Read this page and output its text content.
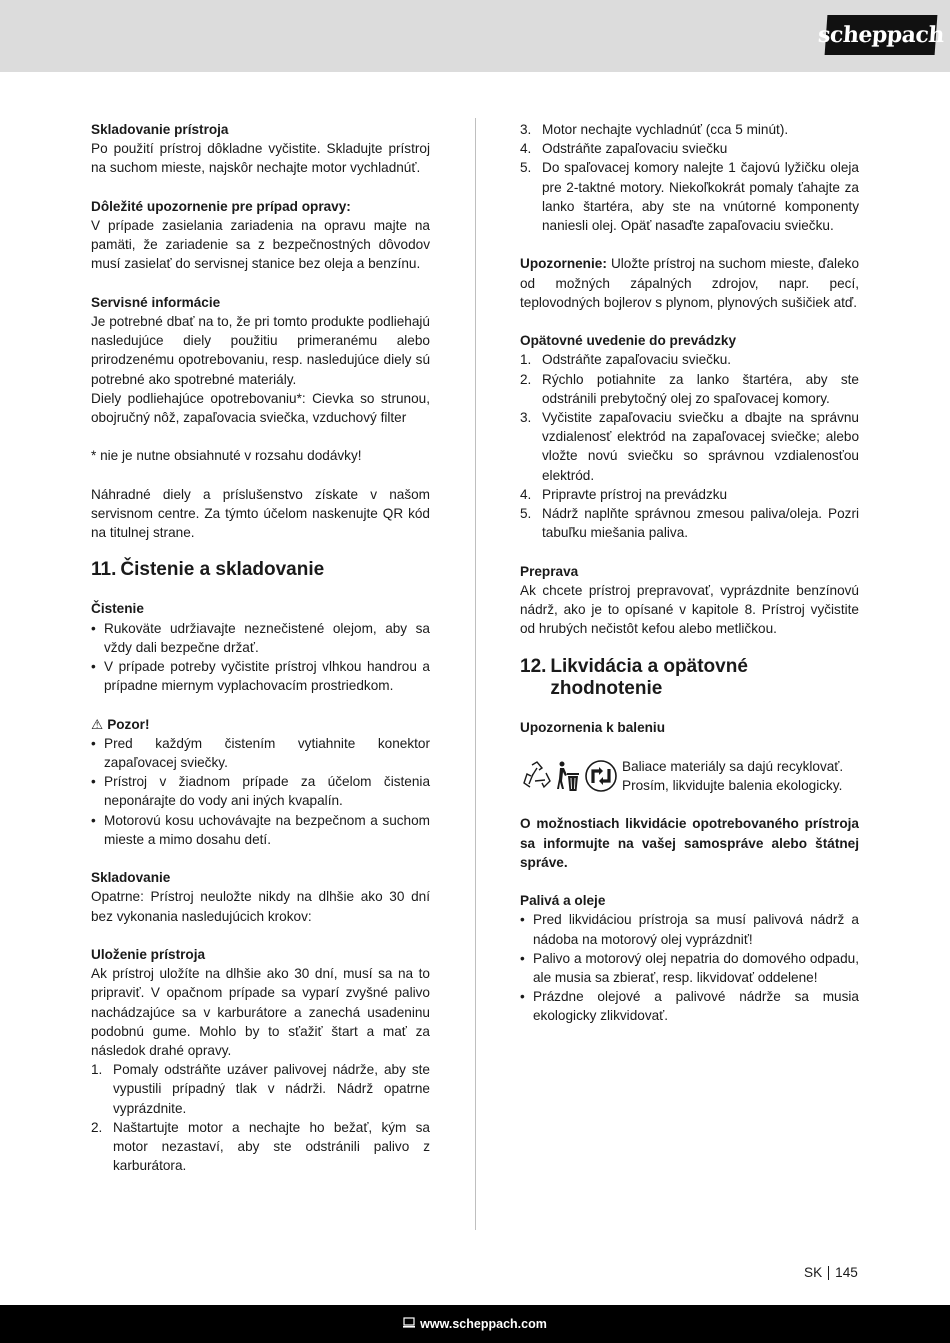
scheppach

Skladovanie prístroja

Po použití prístroj dôkladne vyčistite. Skladujte prístroj na suchom mieste, najskôr nechajte motor vychladnúť.

Dôležité upozornenie pre prípad opravy:

V prípade zasielania zariadenia na opravu majte na pamäti, že zariadenie sa z bezpečnostných dôvodov musí zasielať do servisnej stanice bez oleja a benzínu.

Servisné informácie

Je potrebné dbať na to, že pri tomto produkte podliehajú nasledujúce diely použitiu primeranému alebo prirodzenému opotrebovaniu, resp. nasledujúce diely sú potrebné ako spotrebné materiály.

Diely podliehajúce opotrebovaniu*: Cievka so strunou, obojručný nôž, zapaľovacia sviečka, vzduchový filter

* nie je nutne obsiahnuté v rozsahu dodávky!

Náhradné diely a príslušenstvo získate v našom servisnom centre. Za týmto účelom naskenujte QR kód na titulnej strane.

11. Čistenie a skladovanie

Čistenie

• Rukoväte udržiavajte neznečistené olejom, aby sa vždy dali bezpečne držať.
• V prípade potreby vyčistite prístroj vlhkou handrou a prípadne miernym vyplachovacím prostriedkom.

⚠ Pozor!

• Pred každým čistením vytiahnite konektor zapaľovacej sviečky.
• Prístroj v žiadnom prípade za účelom čistenia neponárajte do vody ani iných kvapalín.
• Motorovú kosu uchovávajte na bezpečnom a suchom mieste a mimo dosahu detí.

Skladovanie

Opatrne: Prístroj neuložte nikdy na dlhšie ako 30 dní bez vykonania nasledujúcich krokov:

Uloženie prístroja

Ak prístroj uložíte na dlhšie ako 30 dní, musí sa na to pripraviť. V opačnom prípade sa vyparí zvyšné palivo nachádzajúce sa v karburátore a zanechá usadeninu podobnú gume. Mohlo by to sťažiť štart a mať za následok drahé opravy.

1. Pomaly odstráňte uzáver palivovej nádrže, aby ste vypustili prípadný tlak v nádrži. Nádrž opatrne vyprázdnite.
2. Naštartujte motor a nechajte ho bežať, kým sa motor nezastaví, aby ste odstránili palivo z karburátora.
3. Motor nechajte vychladnúť (cca 5 minút).
4. Odstráňte zapaľovaciu sviečku
5. Do spaľovacej komory nalejte 1 čajovú lyžičku oleja pre 2-taktné motory. Niekoľkokrát pomaly ťahajte za lanko štartéra, aby ste na vnútorné komponenty naniesli olej. Opäť nasaďte zapaľovaciu sviečku.

Upozornenie: Uložte prístroj na suchom mieste, ďaleko od možných zápalných zdrojov, napr. pecí, teplovodných bojlerov s plynom, plynových sušičiek atď.

Opätovné uvedenie do prevádzky

1. Odstráňte zapaľovaciu sviečku.
2. Rýchlo potiahnite za lanko štartéra, aby ste odstránili prebytočný olej zo spaľovacej komory.
3. Vyčistite zapaľovaciu sviečku a dbajte na správnu vzdialenosť elektród na zapaľovacej sviečke; alebo vložte novú sviečku so správnou vzdialenosťou elektród.
4. Pripravte prístroj na prevádzku
5. Nádrž naplňte správnou zmesou paliva/oleja. Pozri tabuľku miešania paliva.

Preprava

Ak chcete prístroj prepravovať, vyprázdnite benzínovú nádrž, ako je to opísané v kapitole 8. Prístroj vyčistite od hrubých nečistôt kefou alebo metličkou.

12. Likvidácia a opätovné zhodnotenie

Upozornenia k baleniu

Baliace materiály sa dajú recyklovať. Prosím, likvidujte balenia ekologicky.

O možnostiach likvidácie opotrebovaného prístroja sa informujte na vašej samospráve alebo štátnej správe.

Palivá a oleje

• Pred likvidáciou prístroja sa musí palivová nádrž a nádoba na motorový olej vyprázdniť!
• Palivo a motorový olej nepatria do domového odpadu, ale musia sa zbierať, resp. likvidovať oddelene!
• Prázdne olejové a palivové nádrže sa musia ekologicky zlikvidovať.
SK 145
www.scheppach.com
